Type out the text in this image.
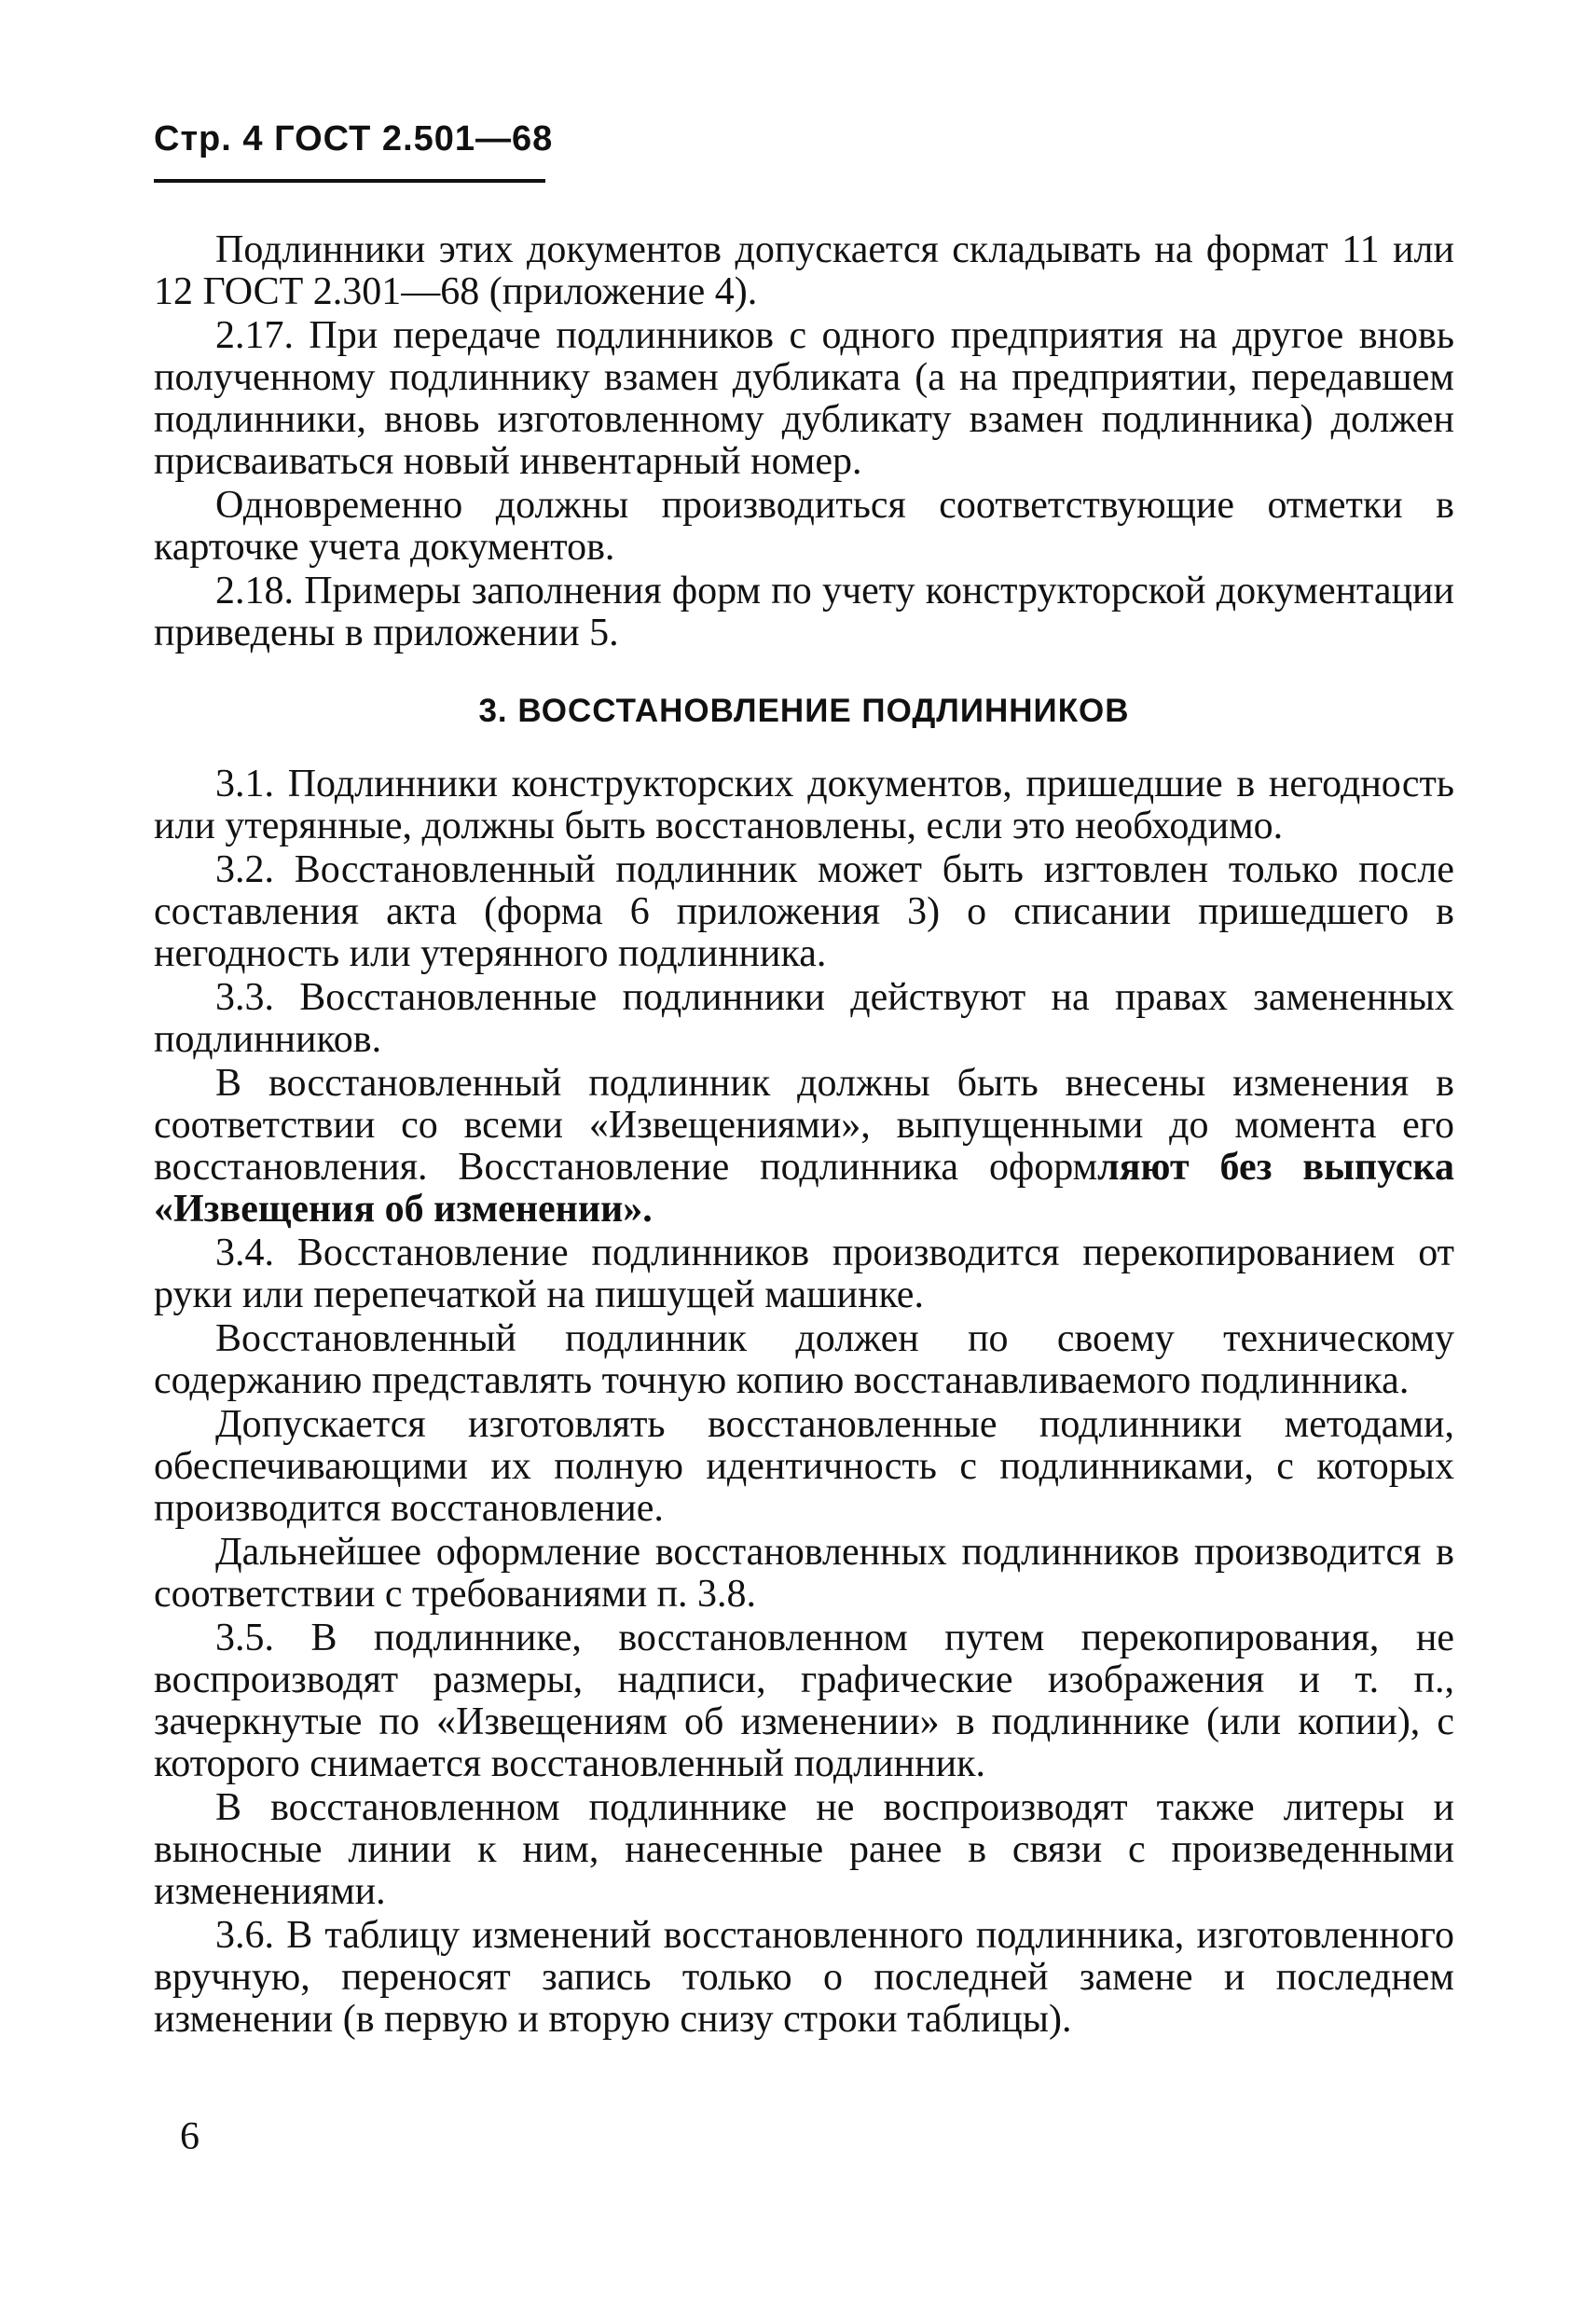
Стр. 4 ГОСТ 2.501—68

Подлинники этих документов допускается складывать на формат 11 или 12 ГОСТ 2.301—68 (приложение 4).

2.17. При передаче подлинников с одного предприятия на другое вновь полученному подлиннику взамен дубликата (а на предприятии, передавшем подлинники, вновь изготовленному дубликату взамен подлинника) должен присваиваться новый инвентарный номер.

Одновременно должны производиться соответствующие отметки в карточке учета документов.

2.18. Примеры заполнения форм по учету конструкторской документации приведены в приложении 5.

3. ВОССТАНОВЛЕНИЕ ПОДЛИННИКОВ

3.1. Подлинники конструкторских документов, пришедшие в негодность или утерянные, должны быть восстановлены, если это необходимо.

3.2. Восстановленный подлинник может быть изгтовлен только после составления акта (форма 6 приложения 3) о списании пришедшего в негодность или утерянного подлинника.

3.3. Восстановленные подлинники действуют на правах замененных подлинников.

В восстановленный подлинник должны быть внесены изменения в соответствии со всеми «Извещениями», выпущенными до момента его восстановления. Восстановление подлинника оформляют без выпуска «Извещения об изменении».

3.4. Восстановление подлинников производится перекопированием от руки или перепечаткой на пишущей машинке.

Восстановленный подлинник должен по своему техническому содержанию представлять точную копию восстанавливаемого подлинника.

Допускается изготовлять восстановленные подлинники методами, обеспечивающими их полную идентичность с подлинниками, с которых производится восстановление.

Дальнейшее оформление восстановленных подлинников производится в соответствии с требованиями п. 3.8.

3.5. В подлиннике, восстановленном путем перекопирования, не воспроизводят размеры, надписи, графические изображения и т. п., зачеркнутые по «Извещениям об изменении» в подлиннике (или копии), с которого снимается восстановленный подлинник.

В восстановленном подлиннике не воспроизводят также литеры и выносные линии к ним, нанесенные ранее в связи с произведенными изменениями.

3.6. В таблицу изменений восстановленного подлинника, изготовленного вручную, переносят запись только о последней замене и последнем изменении (в первую и вторую снизу строки таблицы).

6
